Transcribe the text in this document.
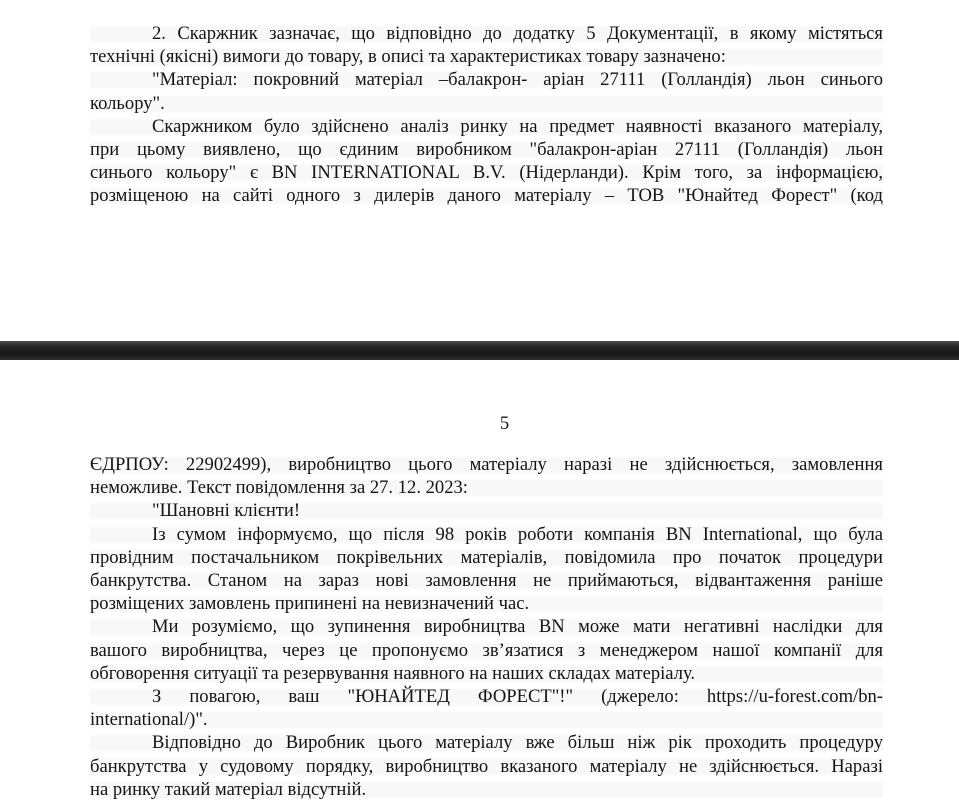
2. Скаржник зазначає, що відповідно до додатку 5 Документації, в якому містяться
технічні (якісні) вимоги до товару, в описі та характеристиках товару зазначено:
"Матеріал: покровний матеріал –балакрон- аріан 27111 (Голландія) льон синього
кольору".
Скаржником було здійснено аналіз ринку на предмет наявності вказаного матеріалу,
при цьому виявлено, що єдиним виробником "балакрон-аріан 27111 (Голландія) льон
синього кольору" є BN INTERNATIONAL B.V. (Нідерланди). Крім того, за інформацією,
розміщеною на сайті одного з дилерів даного матеріалу – ТОВ "Юнайтед Форест" (код
5
ЄДРПОУ: 22902499), виробництво цього матеріалу наразі не здійснюється, замовлення
неможливе. Текст повідомлення за 27. 12. 2023:
"Шановні клієнти!
Із сумом інформуємо, що після 98 років роботи компанія BN International, що була
провідним постачальником покрівельних матеріалів, повідомила про початок процедури
банкрутства. Станом на зараз нові замовлення не приймаються, відвантаження раніше
розміщених замовлень припинені на невизначений час.
Ми розуміємо, що зупинення виробництва BN може мати негативні наслідки для
вашого виробництва, через це пропонуємо зв’язатися з менеджером нашої компанії для
обговорення ситуації та резервування наявного на наших складах матеріалу.
З повагою, ваш "ЮНАЙТЕД ФОРЕСТ"!" (джерело: https://u-forest.com/bn-
international/)".
Відповідно до Виробник цього матеріалу вже більш ніж рік проходить процедуру
банкрутства у судовому порядку, виробництво вказаного матеріалу не здійснюється. Наразі
на ринку такий матеріал відсутній.
